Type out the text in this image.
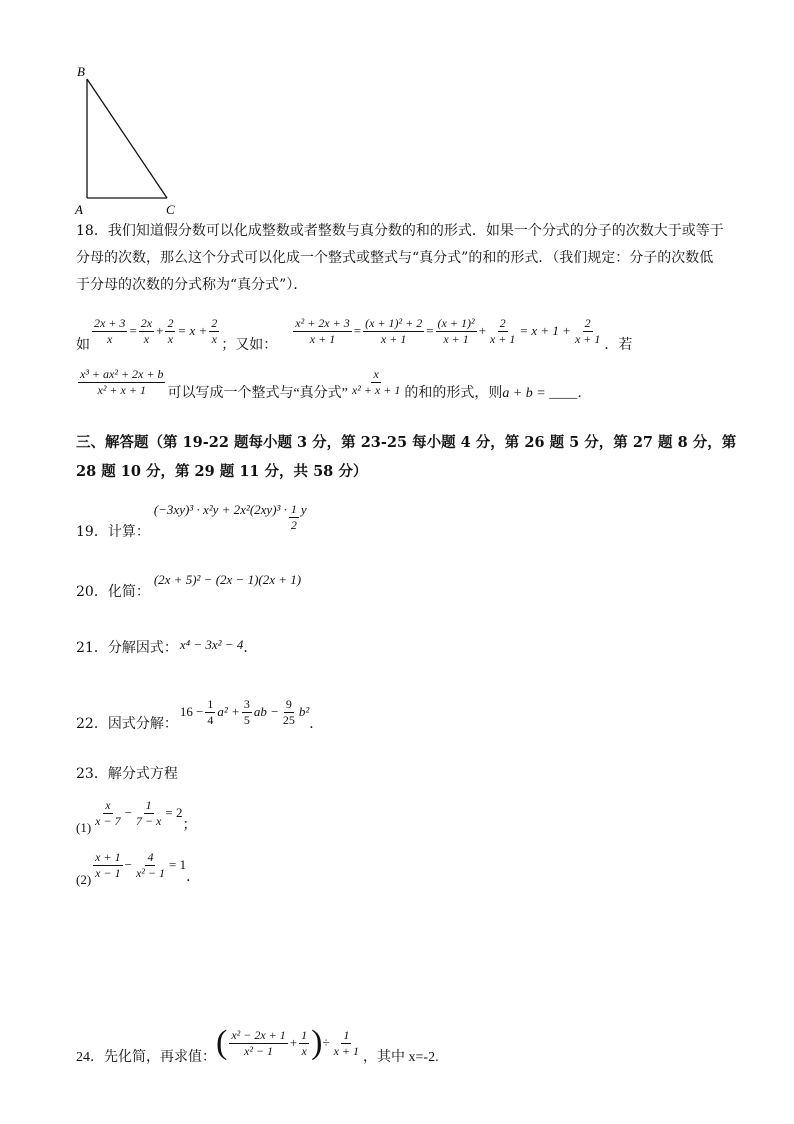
B
A	C
18．我们知道假分数可以化成整数或者整数与真分数的和的形式．如果一个分式的分子的次数大于或等于
分母的次数，那么这个分式可以化成一个整式或整式与“真分式”的和的形式．（我们规定：分子的次数低
于分母的次数的分式称为“真分式”）．
如 $\frac{2x + 3}{x} = \frac{2x}{x} + \frac{2}{x} = x + \frac{2}{x}$ ；又如： $\frac{\text{x² + 2x + 3}}{x + 1} = \frac{\text{(x + 1)² + 2}}{x + 1} = \frac{\text{(x + 1)²}}{x + 1} + \frac{2}{x + 1} = x + 1 + \frac{2}{x + 1}$ ．若
$\frac{\text{x³ + ax² + 2x + b}}{\text{x² + x + 1}}$ 可以写成一个整式与“真分式” $\frac{x}{\text{x² + x + 1}}$ 的和的形式，则 a + b = ____．
三、解答题（第 19-22 题每小题 3 分，第 23-25 每小题 4 分，第 26 题 5 分，第 27 题 8 分，第
28 题 10 分，第 29 题 11 分，共 58 分）
19．计算：
$(-3xy)^3 \cdot x^2y + 2x^2(2xy)^3 \cdot \frac{1}{2}$ y
20．化简：
(2x + 5)² − (2x − 1)(2x + 1)
21．分解因式： x⁴ − 3x² − 4 ．
22．因式分解：
$16 - \frac{1}{4} a^2 + \frac{3}{5}$ ab − $\frac{9}{25} b^2$
．
23．解分式方程
$(1) \frac{x}{x - 7} - \frac{1}{7 - x} = 2$
；
$(2) \frac{x + 1}{x - 1} - \frac{4}{\text{x² − 1}} = 1$
．
24．先化简，再求值： ( $\frac{\text{x² − 2x + 1}}{\text{x² − 1}} + \frac{1}{x}$ ) ÷ $\frac{1}{x + 1}$ ，其中 x=-2.
